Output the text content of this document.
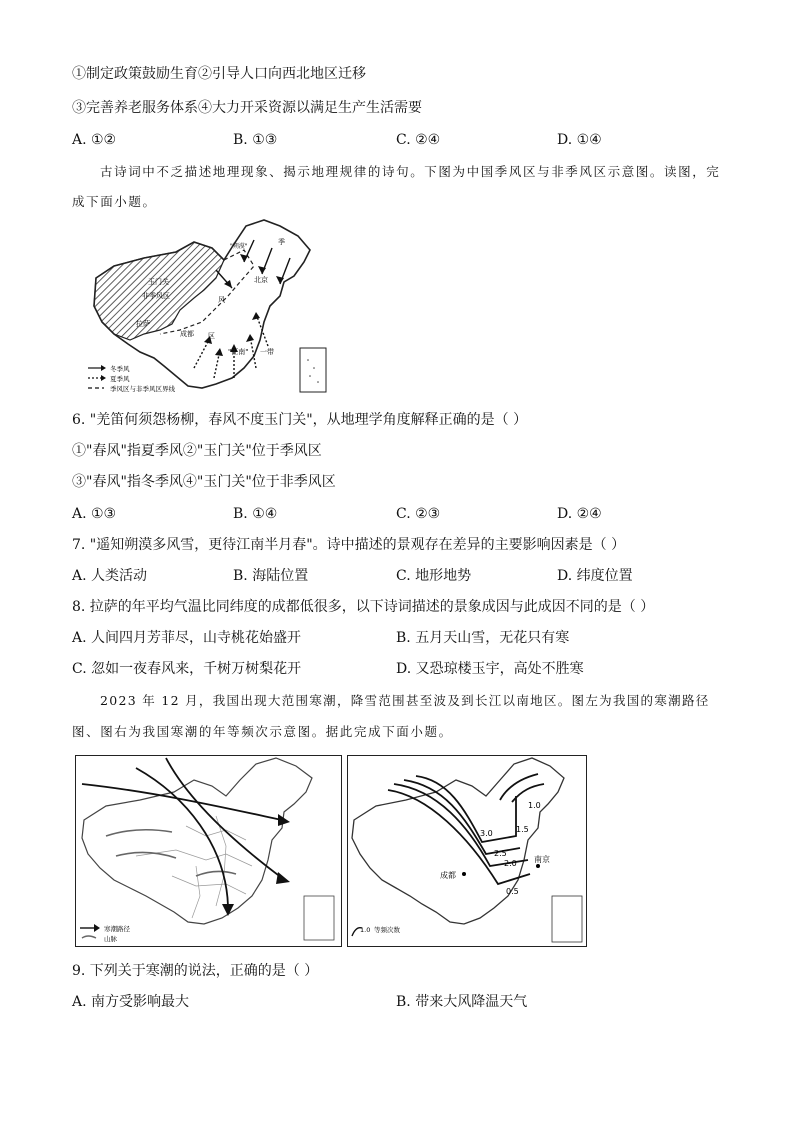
①制定政策鼓励生育②引导人口向西北地区迁移
③完善养老服务体系④大力开采资源以满足生产生活需要
A. ①②	B. ①③	C. ②④	D. ①④
古诗词中不乏描述地理现象、揭示地理规律的诗句。下图为中国季风区与非季风区示意图。读图，完
成下面小题。
玉门关
非季风区
拉萨
成都
"朔漠"
北京
"江南" 一带
季
风
区
冬季风
夏季风
季风区与非季风区界线
6. "羌笛何须怨杨柳，春风不度玉门关"，从地理学角度解释正确的是（ ）
①"春风"指夏季风②"玉门关"位于季风区
③"春风"指冬季风④"玉门关"位于非季风区
A. ①③	B. ①④	C. ②③	D. ②④
7. "遥知朔漠多风雪，更待江南半月春"。诗中描述的景观存在差异的主要影响因素是（ ）
A. 人类活动	B. 海陆位置	C. 地形地势	D. 纬度位置
8. 拉萨的年平均气温比同纬度的成都低很多，以下诗词描述的景象成因与此成因不同的是（ ）
A. 人间四月芳菲尽，山寺桃花始盛开	B. 五月天山雪，无花只有寒
C. 忽如一夜春风来，千树万树梨花开	D. 又恐琼楼玉宇，高处不胜寒
2023 年 12 月，我国出现大范围寒潮，降雪范围甚至波及到长江以南地区。图左为我国的寒潮路径
图、图右为我国寒潮的年等频次示意图。据此完成下面小题。
寒潮路径
山脉
1.0
1.5
3.0
2.5
2.0
0.5
南京
成都
1.0 等频次数
9. 下列关于寒潮的说法，正确的是（ ）
A. 南方受影响最大	B. 带来大风降温天气
